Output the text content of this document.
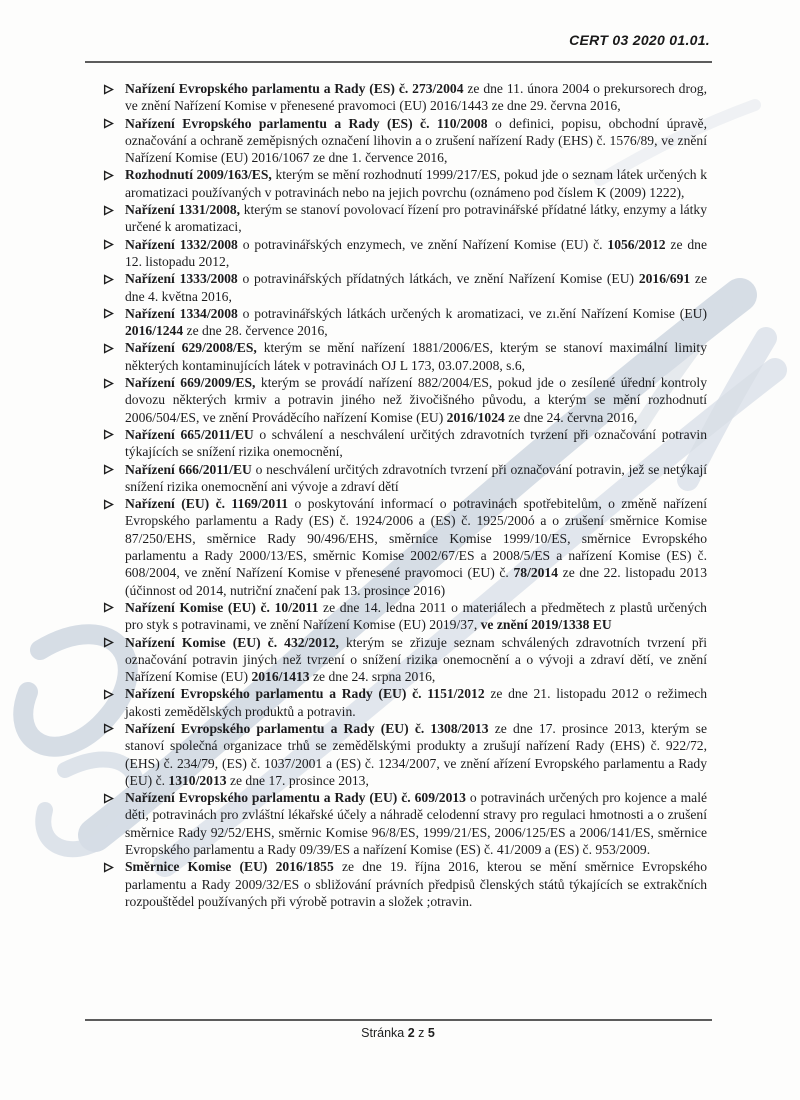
CERT 03 2020 01.01.
Nařízení Evropského parlamentu a Rady (ES) č. 273/2004 ze dne 11. února 2004 o prekursorech drog, ve znění Nařízení Komise v přenesené pravomoci (EU) 2016/1443 ze dne 29. června 2016,
Nařízení Evropského parlamentu a Rady (ES) č. 110/2008 o definici, popisu, obchodní úpravě, označování a ochraně zeměpisných označení lihovin a o zrušení nařízení Rady (EHS) č. 1576/89, ve znění Nařízení Komise (EU) 2016/1067 ze dne 1. července 2016,
Rozhodnutí 2009/163/ES, kterým se mění rozhodnutí 1999/217/ES, pokud jde o seznam látek určených k aromatizaci používaných v potravinách nebo na jejich povrchu (oznámeno pod číslem K (2009) 1222),
Nařízení 1331/2008, kterým se stanoví povolovací řízení pro potravinářské přídatné látky, enzymy a látky určené k aromatizaci,
Nařízení 1332/2008 o potravinářských enzymech, ve znění Nařízení Komise (EU) č. 1056/2012 ze dne 12. listopadu 2012,
Nařízení 1333/2008 o potravinářských přídatných látkách, ve znění Nařízení Komise (EU) 2016/691 ze dne 4. května 2016,
Nařízení 1334/2008 o potravinářských látkách určených k aromatizaci, ve zı.ění Nařízení Komise (EU) 2016/1244 ze dne 28. července 2016,
Nařízení 629/2008/ES, kterým se mění nařízení 1881/2006/ES, kterým se stanoví maximální limity některých kontaminujících látek v potravinách OJ L 173, 03.07.2008, s.6,
Nařízení 669/2009/ES, kterým se provádí nařízení 882/2004/ES, pokud jde o zesílené úřední kontroly dovozu některých krmiv a potravin jiného než živočišného původu, a kterým se mění rozhodnutí 2006/504/ES, ve znění Prováděcího nařízení Komise (EU) 2016/1024 ze dne 24. června 2016,
Nařízení 665/2011/EU o schválení a neschválení určitých zdravotních tvrzení při označování potravin týkajících se snížení rizika onemocnění,
Nařízení 666/2011/EU o neschválení určitých zdravotních tvrzení při označování potravin, jež se netýkají snížení rizika onemocnění ani vývoje a zdraví dětí
Nařízení (EU) č. 1169/2011 o poskytování informací o potravinách spotřebitelům, o změně nařízení Evropského parlamentu a Rady (ES) č. 1924/2006 a (ES) č. 1925/200ó a o zrušení směrnice Komise 87/250/EHS, směrnice Rady 90/496/EHS, směrnice Komise 1999/10/ES, směrnice Evropského parlamentu a Rady 2000/13/ES, směrnic Komise 2002/67/ES a 2008/5/ES a nařízení Komise (ES) č. 608/2004, ve znění Nařízení Komise v přenesené pravomoci (EU) č. 78/2014 ze dne 22. listopadu 2013 (účinnost od 2014, nutriční značení pak 13. prosince 2016)
Nařízení Komise (EU) č. 10/2011 ze dne 14. ledna 2011 o materiálech a předmětech z plastů určených pro styk s potravinami, ve znění Nařízení Komise (EU) 2019/37, ve znění 2019/1338 EU
Nařízení Komise (EU) č. 432/2012, kterým se zřizuje seznam schválených zdravotních tvrzení při označování potravin jiných než tvrzení o snížení rizika onemocnění a o vývoji a zdraví dětí, ve znění Nařízení Komise (EU) 2016/1413 ze dne 24. srpna 2016,
Nařízení Evropského parlamentu a Rady (EU) č. 1151/2012 ze dne 21. listopadu 2012 o režimech jakosti zemědělských produktů a potravin.
Nařízení Evropského parlamentu a Rady (EU) č. 1308/2013 ze dne 17. prosince 2013, kterým se stanoví společná organizace trhů se zemědělskými produkty a zrušují nařízení Rady (EHS) č. 922/72, (EHS) č. 234/79, (ES) č. 1037/2001 a (ES) č. 1234/2007, ve znění ařízení Evropského parlamentu a Rady (EU) č. 1310/2013 ze dne 17. prosince 2013,
Nařízení Evropského parlamentu a Rady (EU) č. 609/2013 o potravinách určených pro kojence a malé děti, potravinách pro zvláštní lékařské účely a náhradě celodenní stravy pro regulaci hmotnosti a o zrušení směrnice Rady 92/52/EHS, směrnic Komise 96/8/ES, 1999/21/ES, 2006/125/ES a 2006/141/ES, směrnice Evropského parlamentu a Rady 09/39/ES a nařízení Komise (ES) č. 41/2009 a (ES) č. 953/2009.
Směrnice Komise (EU) 2016/1855 ze dne 19. října 2016, kterou se mění směrnice Evropského parlamentu a Rady 2009/32/ES o sbližování právních předpisů členských států týkajících se extrakčních rozpouštědel používaných při výrobě potravin a složek ;otravin.
Stránka 2 z 5
